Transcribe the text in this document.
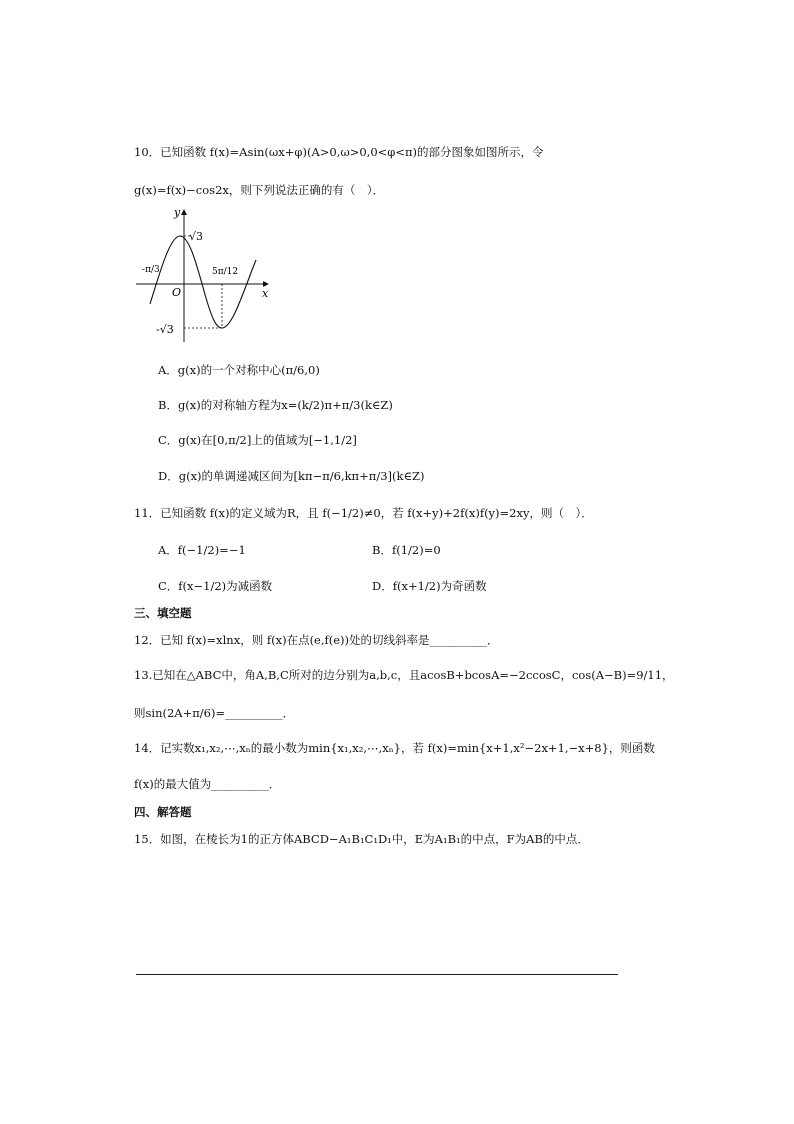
10．已知函数 f(x)=Asin(ωx+φ)(A>0,ω>0,0<φ<π)的部分图象如图所示，令
g(x)=f(x)−cos2x，则下列说法正确的有（　）．
y
x
O
√3
-√3
-π/3	5π/12
A．g(x)的一个对称中心(π/6,0)
B．g(x)的对称轴方程为x=(k/2)π+π/3(k∈Z)
C．g(x)在[0,π/2]上的值域为[−1,1/2]
D．g(x)的单调递减区间为[kπ−π/6,kπ+π/3](k∈Z)
11．已知函数 f(x)的定义域为R，且 f(−1/2)≠0，若 f(x+y)+2f(x)f(y)=2xy，则（　）．
A．f(−1/2)=−1	B．f(1/2)=0
C．f(x−1/2)为减函数	D．f(x+1/2)为奇函数
三、填空题
12．已知 f(x)=xlnx，则 f(x)在点(e,f(e))处的切线斜率是__________．
13.已知在△ABC中，角A,B,C所对的边分别为a,b,c，且acosB+bcosA=−2ccosC，cos(A−B)=9/11，
则sin(2A+π/6)=__________．
14．记实数x₁,x₂,⋯,xₙ的最小数为min{x₁,x₂,⋯,xₙ}，若 f(x)=min{x+1,x²−2x+1,−x+8}，则函数
f(x)的最大值为__________．
四、解答题
15．如图，在棱长为1的正方体ABCD−A₁B₁C₁D₁中，E为A₁B₁的中点，F为AB的中点．
